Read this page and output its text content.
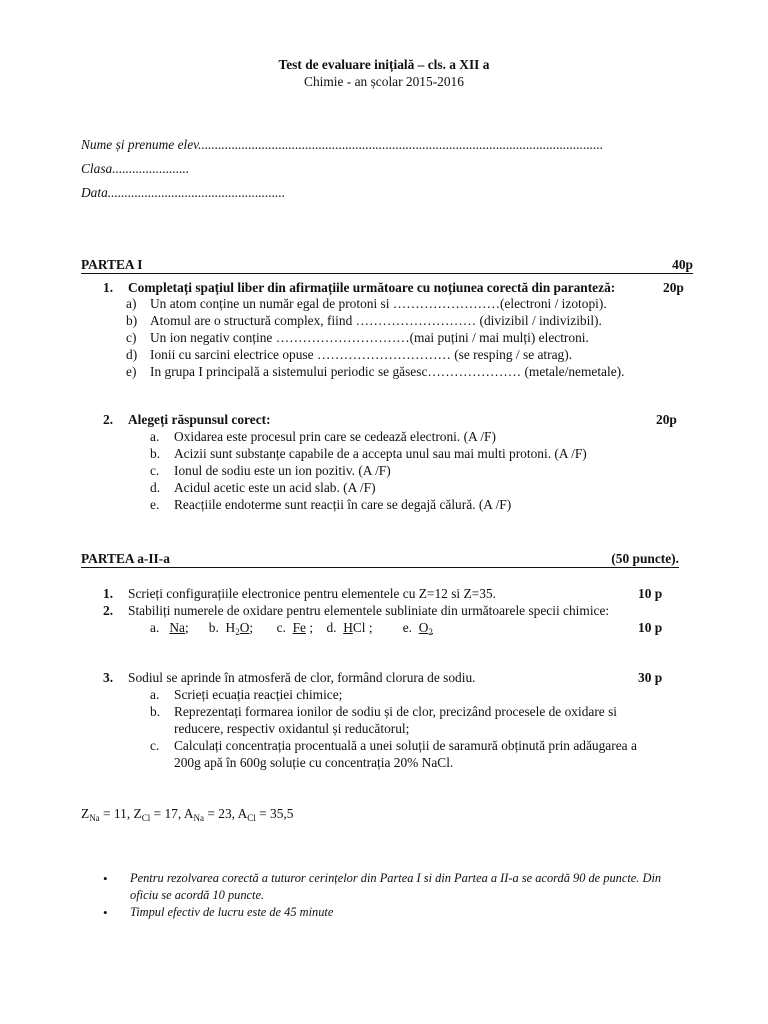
Test de evaluare inițială – cls. a XII a
Chimie - an școlar 2015-2016
Nume și prenume elev.........................................................................................................................
Clasa.......................
Data.....................................................
PARTEA I	40p
1. Completați spațiul liber din afirmațiile următoare cu noțiunea corectă din paranteză:	20p
a) Un atom conține un număr egal de protoni si ……………………(electroni / izotopi).
b) Atomul are o structură complex, fiind ……………………… (divizibil / indivizibil).
c) Un ion negativ conține …………………………(mai puțini / mai mulți) electroni.
d) Ionii cu sarcini electrice opuse ………………………… (se resping / se atrag).
e) In grupa I principală a sistemului periodic se găsesc………………… (metale/nemetale).
2. Alegeți răspunsul corect:	20p
a. Oxidarea este procesul prin care se cedează electroni. (A /F)
b. Acizii sunt substanțe capabile de a accepta unul sau mai multi protoni. (A /F)
c. Ionul de sodiu este un ion pozitiv. (A /F)
d. Acidul acetic este un acid slab. (A /F)
e. Reacțiile endoterme sunt reacții în care se degajă călură. (A /F)
PARTEA a-II-a	(50 puncte).
1. Scrieți configurațiile electronice pentru elementele cu Z=12 si Z=35.	10 p
2. Stabiliți numerele de oxidare pentru elementele subliniate din următoarele specii chimice:
a. Na; b. $H_2O$; c. Fe ; d. HCl ; e. $O_2$	10 p
3. Sodiul se aprinde în atmosferă de clor, formând clorura de sodiu.	30 p
a. Scrieți ecuația reacției chimice;
b. Reprezentați formarea ionilor de sodiu și de clor, precizând procesele de oxidare si
reducere, respectiv oxidantul și reducătorul;
c. Calculați concentrația procentuală a unei soluții de saramură obținută prin adăugarea a
200g apă în 600g soluție cu concentrația 20% NaCl.
$Z_{Na} = 11$, $Z_{Cl} = 17$, $A_{Na} = 23$, $A_{Cl} = 35,5$
• Pentru rezolvarea corectă a tuturor cerințelor din Partea I si din Partea a II-a se acordă 90 de puncte. Din oficiu se acordă 10 puncte.
• Timpul efectiv de lucru este de 45 minute
